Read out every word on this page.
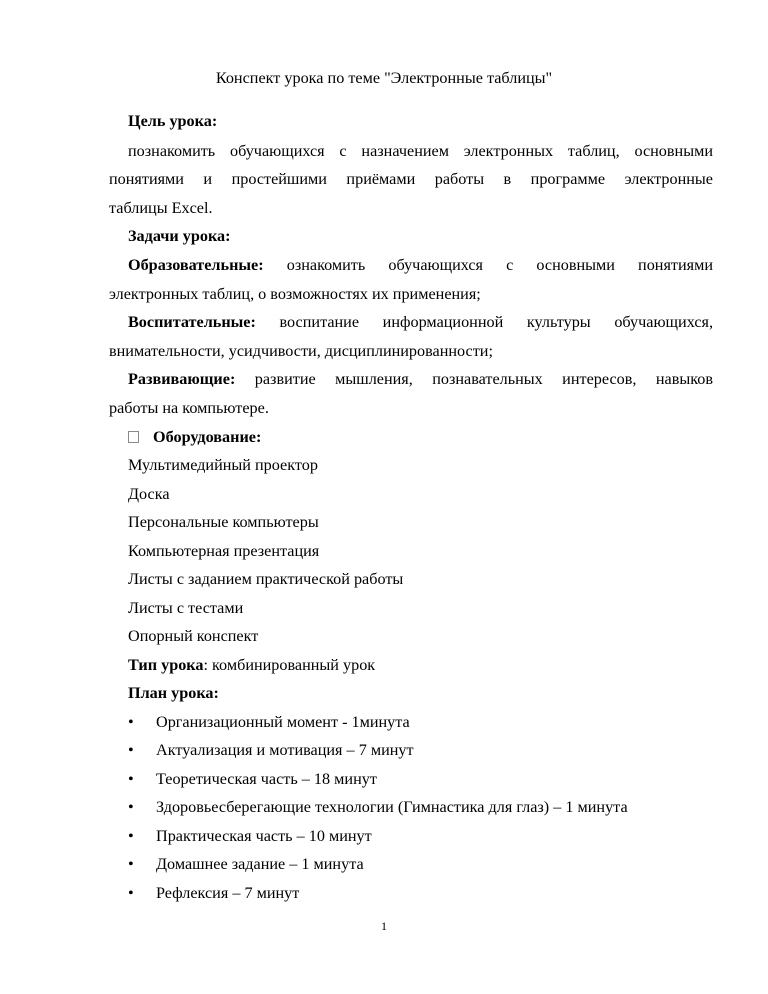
Конспект урока по теме "Электронные таблицы"
Цель урока:
познакомить обучающихся с назначением электронных таблиц, основными
понятиями и простейшими приёмами работы в программе электронные
таблицы Excel.
Задачи урока:
Образовательные: ознакомить обучающихся с основными понятиями
электронных таблиц, о возможностях их применения;
Воспитательные: воспитание информационной культуры обучающихся,
внимательности, усидчивости, дисциплинированности;
Развивающие: развитие мышления, познавательных интересов, навыков
работы на компьютере.
Оборудование:
Мультимедийный проектор
Доска
Персональные компьютеры
Компьютерная презентация
Листы с заданием практической работы
Листы с тестами
Опорный конспект
Тип урока: комбинированный урок
План урока:
• Организационный момент - 1минута
• Актуализация и мотивация – 7 минут
• Теоретическая часть – 18 минут
• Здоровьесберегающие технологии (Гимнастика для глаз) – 1 минута
• Практическая часть – 10 минут
• Домашнее задание – 1 минута
• Рефлексия – 7 минут
1
